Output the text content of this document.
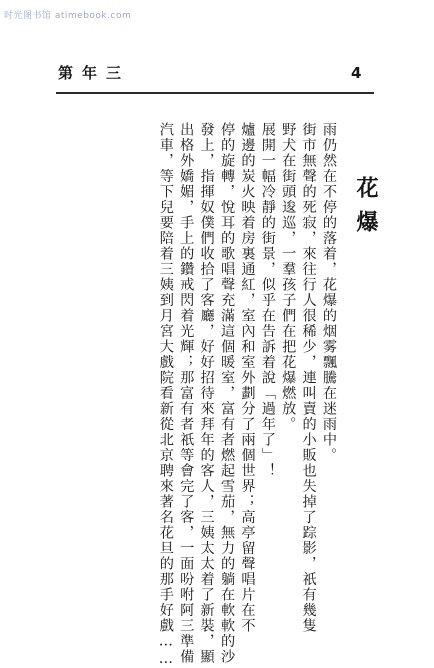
时光图书馆 atimebook.com
第年三	4
花爆
雨仍然在不停的落着，花爆的烟雾飄騰在迷雨中。
街市無聲的死寂，來往行人很稀少，連叫賣的小販也失掉了踪影，祇有幾隻
野犬在街頭逡巡，一羣孩子們在把花爆燃放。
展開一幅冷靜的街景，似乎在告訴着說「過年了」！
爐邊的炭火映着房裏通紅，室內和室外劃分了兩個世界；高亭留聲唱片在不
停的旋轉，悅耳的歌唱聲充滿這個暖室，富有者燃起雪茄，無力的躺在軟軟的沙
發上，指揮奴僕們收拾了客廳，好好招待來拜年的客人，三姨太太着了新裝，顯
出格外嬌媚，手上的鑽戒閃着光輝；那富有者祇等會完了客，一面吩咐阿三準備
汽車，等下兒要陪着三姨到月宮大戲院看新從北京聘來著名花旦的那手好戲……
